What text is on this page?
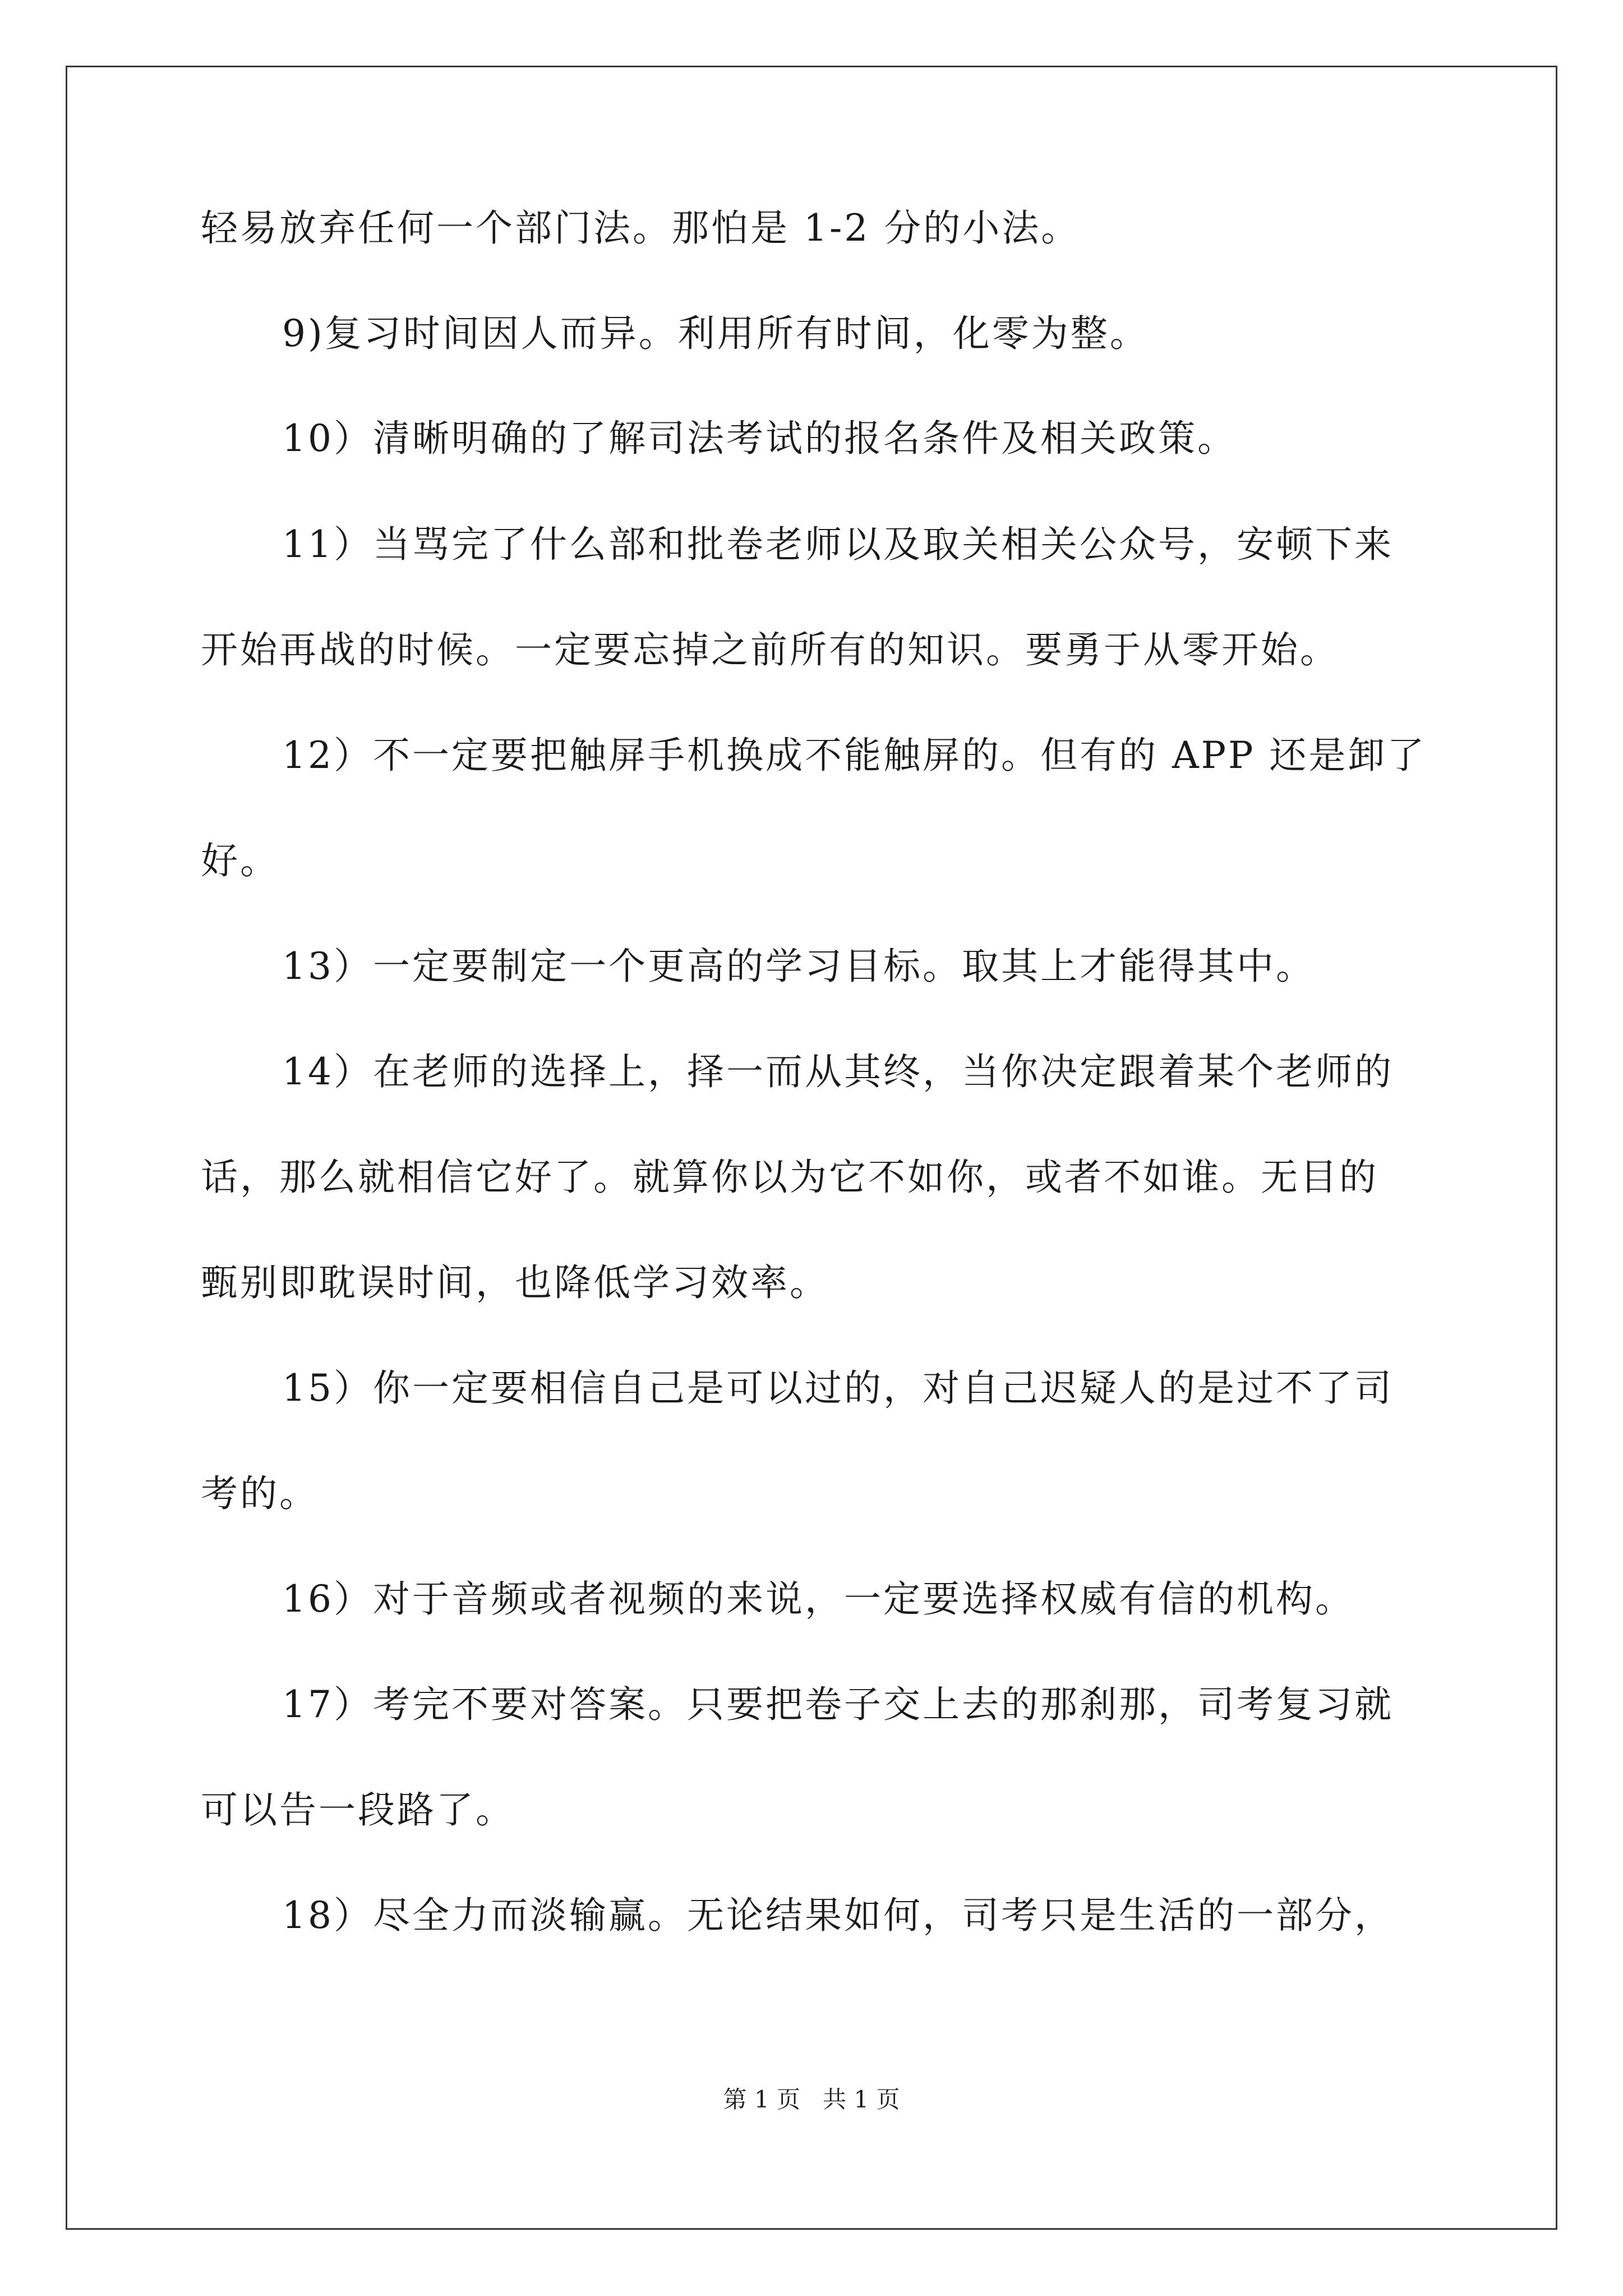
轻易放弃任何一个部门法。那怕是 1-2 分的小法。
9)复习时间因人而异。利用所有时间，化零为整。
10）清晰明确的了解司法考试的报名条件及相关政策。
11）当骂完了什么部和批卷老师以及取关相关公众号，安顿下来
开始再战的时候。一定要忘掉之前所有的知识。要勇于从零开始。
12）不一定要把触屏手机换成不能触屏的。但有的 APP 还是卸了
好。
13）一定要制定一个更高的学习目标。取其上才能得其中。
14）在老师的选择上，择一而从其终，当你决定跟着某个老师的
话，那么就相信它好了。就算你以为它不如你，或者不如谁。无目的
甄别即耽误时间，也降低学习效率。
15）你一定要相信自己是可以过的，对自己迟疑人的是过不了司
考的。
16）对于音频或者视频的来说，一定要选择权威有信的机构。
17）考完不要对答案。只要把卷子交上去的那刹那，司考复习就
可以告一段路了。
18）尽全力而淡输赢。无论结果如何，司考只是生活的一部分，
第 1 页   共 1 页
